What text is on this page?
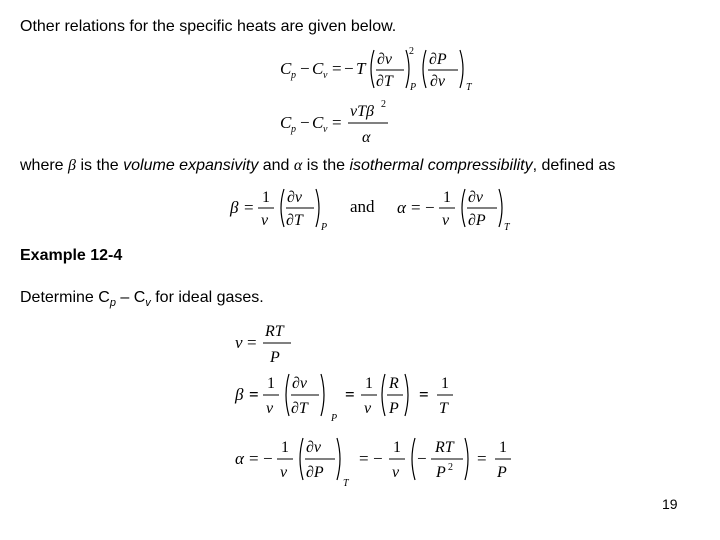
Other relations for the specific heats are given below.
C p − C v = − T ∂v
∂T
2
P
∂P
∂v T
C p − C v =
vTβ 2
α
where β is the volume expansivity and α is the isothermal compressibility, defined as
β =
1
v
∂v
∂T P
and α = −
1
v
∂v
∂P T
Example 12-4
Determine $C_p - C_v$ for ideal gases.
v =
RT
P
β =
1
v
∂v
∂T
P
=
1
v
R
P
=
1
T
α = −
1
v
∂v
∂P
T
= −
1
v
−
RT
P 2 =
1
P
19
